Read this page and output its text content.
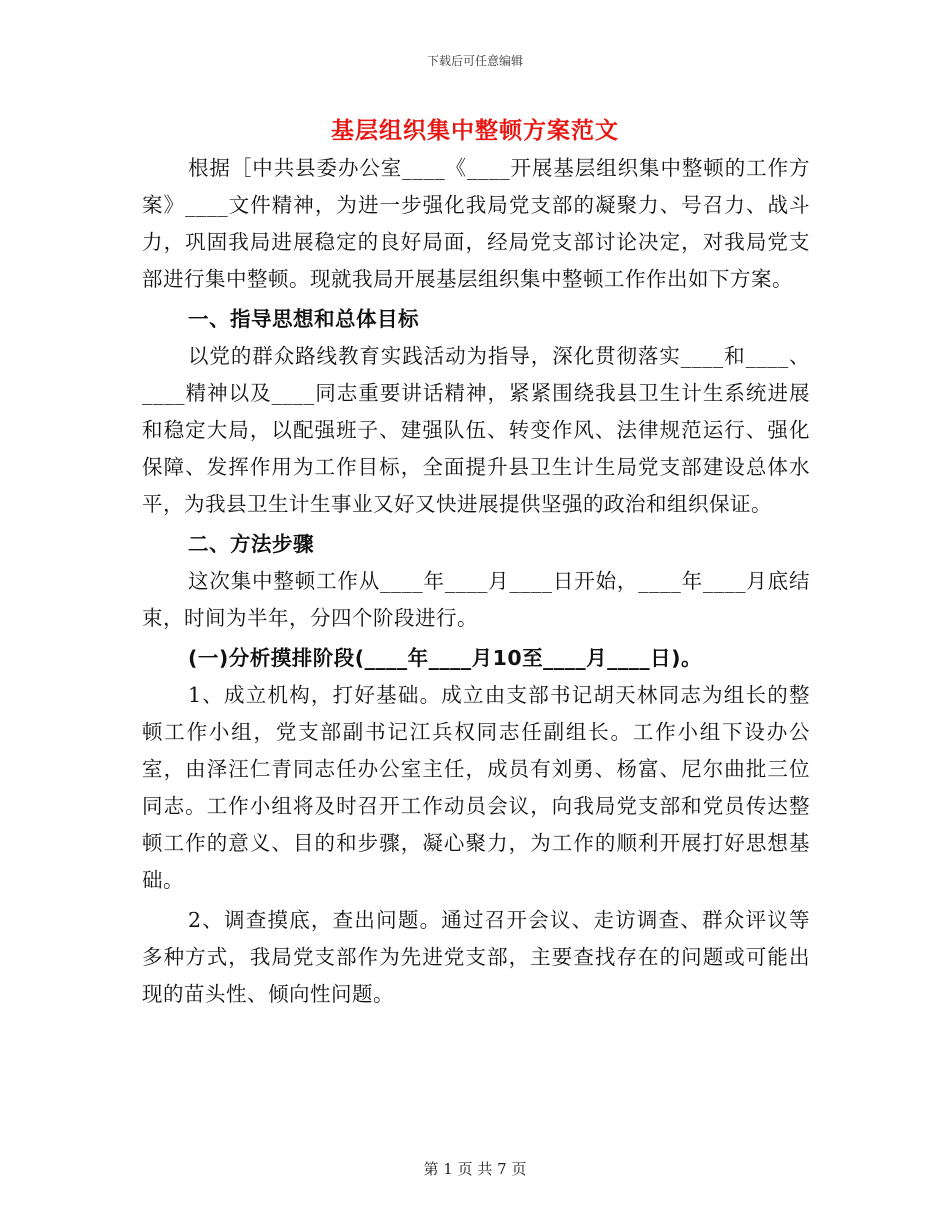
下载后可任意编辑
基层组织集中整顿方案范文

根据［中共县委办公室____《____开展基层组织集中整顿的工作方案》____文件精神，为进一步强化我局党支部的凝聚力、号召力、战斗力，巩固我局进展稳定的良好局面，经局党支部讨论决定，对我局党支部进行集中整顿。现就我局开展基层组织集中整顿工作作出如下方案。

一、指导思想和总体目标

以党的群众路线教育实践活动为指导，深化贯彻落实____和____、____精神以及____同志重要讲话精神，紧紧围绕我县卫生计生系统进展和稳定大局，以配强班子、建强队伍、转变作风、法律规范运行、强化保障、发挥作用为工作目标，全面提升县卫生计生局党支部建设总体水平，为我县卫生计生事业又好又快进展提供坚强的政治和组织保证。

二、方法步骤

这次集中整顿工作从____年____月____日开始，____年____月底结束，时间为半年，分四个阶段进行。

(一)分析摸排阶段(____年____月10至____月____日)。

1、成立机构，打好基础。成立由支部书记胡天林同志为组长的整顿工作小组，党支部副书记江兵权同志任副组长。工作小组下设办公室，由泽汪仁青同志任办公室主任，成员有刘勇、杨富、尼尔曲批三位同志。工作小组将及时召开工作动员会议，向我局党支部和党员传达整顿工作的意义、目的和步骤，凝心聚力，为工作的顺利开展打好思想基础。

2、调查摸底，查出问题。通过召开会议、走访调查、群众评议等多种方式，我局党支部作为先进党支部，主要查找存在的问题或可能出现的苗头性、倾向性问题。

第 1 页 共 7 页
